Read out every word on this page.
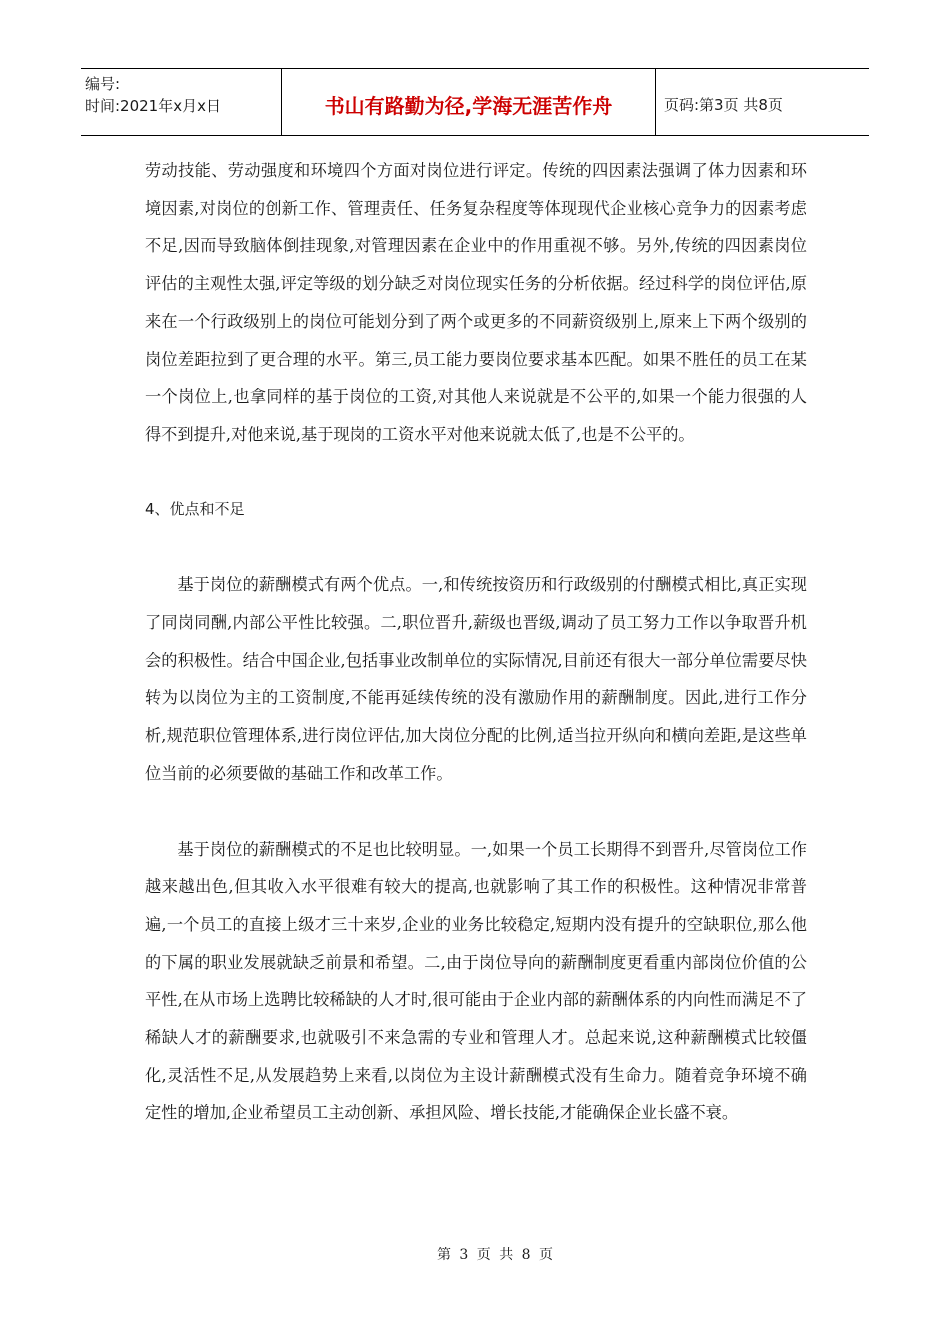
编号:
时间:2021年x月x日	书山有路勤为径,学海无涯苦作舟	页码:第3页 共8页

劳动技能、劳动强度和环境四个方面对岗位进行评定。传统的四因素法强调了体力因素和环境因素,对岗位的创新工作、管理责任、任务复杂程度等体现现代企业核心竞争力的因素考虑不足,因而导致脑体倒挂现象,对管理因素在企业中的作用重视不够。另外,传统的四因素岗位评估的主观性太强,评定等级的划分缺乏对岗位现实任务的分析依据。经过科学的岗位评估,原来在一个行政级别上的岗位可能划分到了两个或更多的不同薪资级别上,原来上下两个级别的岗位差距拉到了更合理的水平。第三,员工能力要岗位要求基本匹配。如果不胜任的员工在某一个岗位上,也拿同样的基于岗位的工资,对其他人来说就是不公平的,如果一个能力很强的人得不到提升,对他来说,基于现岗的工资水平对他来说就太低了,也是不公平的。

4、优点和不足

基于岗位的薪酬模式有两个优点。一,和传统按资历和行政级别的付酬模式相比,真正实现了同岗同酬,内部公平性比较强。二,职位晋升,薪级也晋级,调动了员工努力工作以争取晋升机会的积极性。结合中国企业,包括事业改制单位的实际情况,目前还有很大一部分单位需要尽快转为以岗位为主的工资制度,不能再延续传统的没有激励作用的薪酬制度。因此,进行工作分析,规范职位管理体系,进行岗位评估,加大岗位分配的比例,适当拉开纵向和横向差距,是这些单位当前的必须要做的基础工作和改革工作。

基于岗位的薪酬模式的不足也比较明显。一,如果一个员工长期得不到晋升,尽管岗位工作越来越出色,但其收入水平很难有较大的提高,也就影响了其工作的积极性。这种情况非常普遍,一个员工的直接上级才三十来岁,企业的业务比较稳定,短期内没有提升的空缺职位,那么他的下属的职业发展就缺乏前景和希望。二,由于岗位导向的薪酬制度更看重内部岗位价值的公平性,在从市场上选聘比较稀缺的人才时,很可能由于企业内部的薪酬体系的内向性而满足不了稀缺人才的薪酬要求,也就吸引不来急需的专业和管理人才。总起来说,这种薪酬模式比较僵化,灵活性不足,从发展趋势上来看,以岗位为主设计薪酬模式没有生命力。随着竞争环境不确定性的增加,企业希望员工主动创新、承担风险、增长技能,才能确保企业长盛不衰。

第 3 页 共 8 页
